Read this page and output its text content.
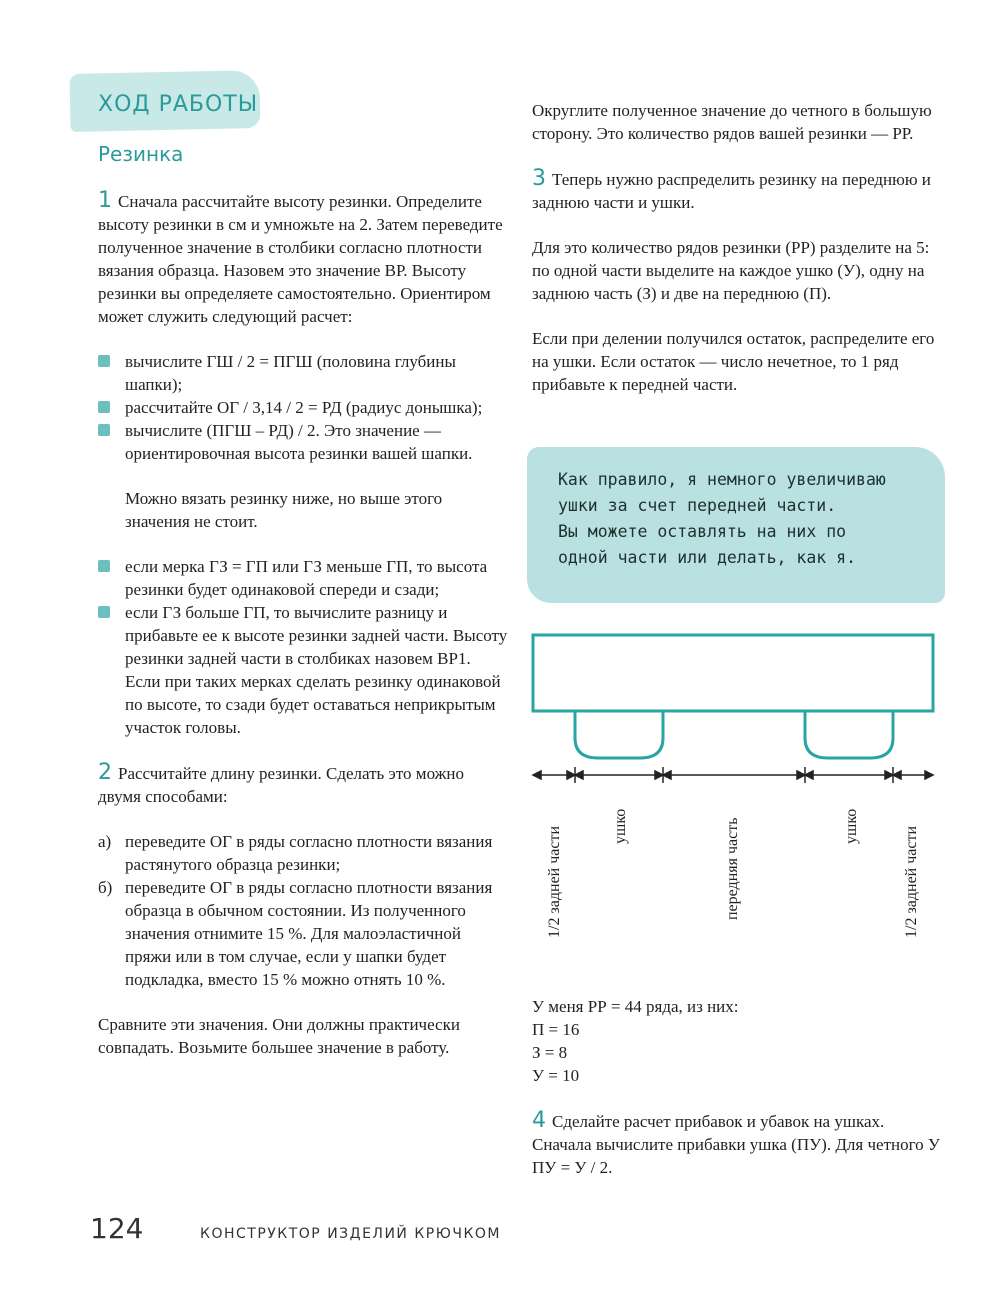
ХОД РАБОТЫ
Резинка

1 Сначала рассчитайте высоту резинки. Определите высоту резинки в см и умножьте на 2. Затем переведите полученное значение в столбики согласно плотности вязания образца. Назовем это значение ВР. Высоту резинки вы определяете самостоятельно. Ориентиром может служить следующий расчет:

вычислите ГШ / 2 = ПГШ (половина глубины шапки);
рассчитайте ОГ / 3,14 / 2 = РД (радиус донышка);
вычислите (ПГШ – РД) / 2. Это значение — ориентировочная высота резинки вашей шапки.

Можно вязать резинку ниже, но выше этого значения не стоит.

если мерка ГЗ = ГП или ГЗ меньше ГП, то высота резинки будет одинаковой спереди и сзади;
если ГЗ больше ГП, то вычислите разницу и прибавьте ее к высоте резинки задней части. Высоту резинки задней части в столбиках назовем ВР1. Если при таких мерках сделать резинку одинаковой по высоте, то сзади будет оставаться неприкрытым участок головы.

2 Рассчитайте длину резинки. Сделать это можно двумя способами:

а) переведите ОГ в ряды согласно плотности вязания растянутого образца резинки;
б) переведите ОГ в ряды согласно плотности вязания образца в обычном состоянии. Из полученного значения отнимите 15 %. Для малоэластичной пряжи или в том случае, если у шапки будет подкладка, вместо 15 % можно отнять 10 %.

Сравните эти значения. Они должны практически совпадать. Возьмите большее значение в работу.

Округлите полученное значение до четного в большую сторону. Это количество рядов вашей резинки — РР.

3 Теперь нужно распределить резинку на переднюю и заднюю части и ушки.

Для это количество рядов резинки (РР) разделите на 5: по одной части выделите на каждое ушко (У), одну на заднюю часть (З) и две на переднюю (П).

Если при делении получился остаток, распределите его на ушки. Если остаток — число нечетное, то 1 ряд прибавьте к передней части.

Как правило, я немного увеличиваю
ушки за счет передней части.
Вы можете оставлять на них по
одной части или делать, как я.
1/2 задней части	ушко	передняя часть	ушко	1/2 задней части
У меня РР = 44 ряда, из них:
П = 16
З = 8
У = 10

4 Сделайте расчет прибавок и убавок на ушках. Сначала вычислите прибавки ушка (ПУ). Для четного У ПУ = У / 2.

124	КОНСТРУКТОР ИЗДЕЛИЙ КРЮЧКОМ
